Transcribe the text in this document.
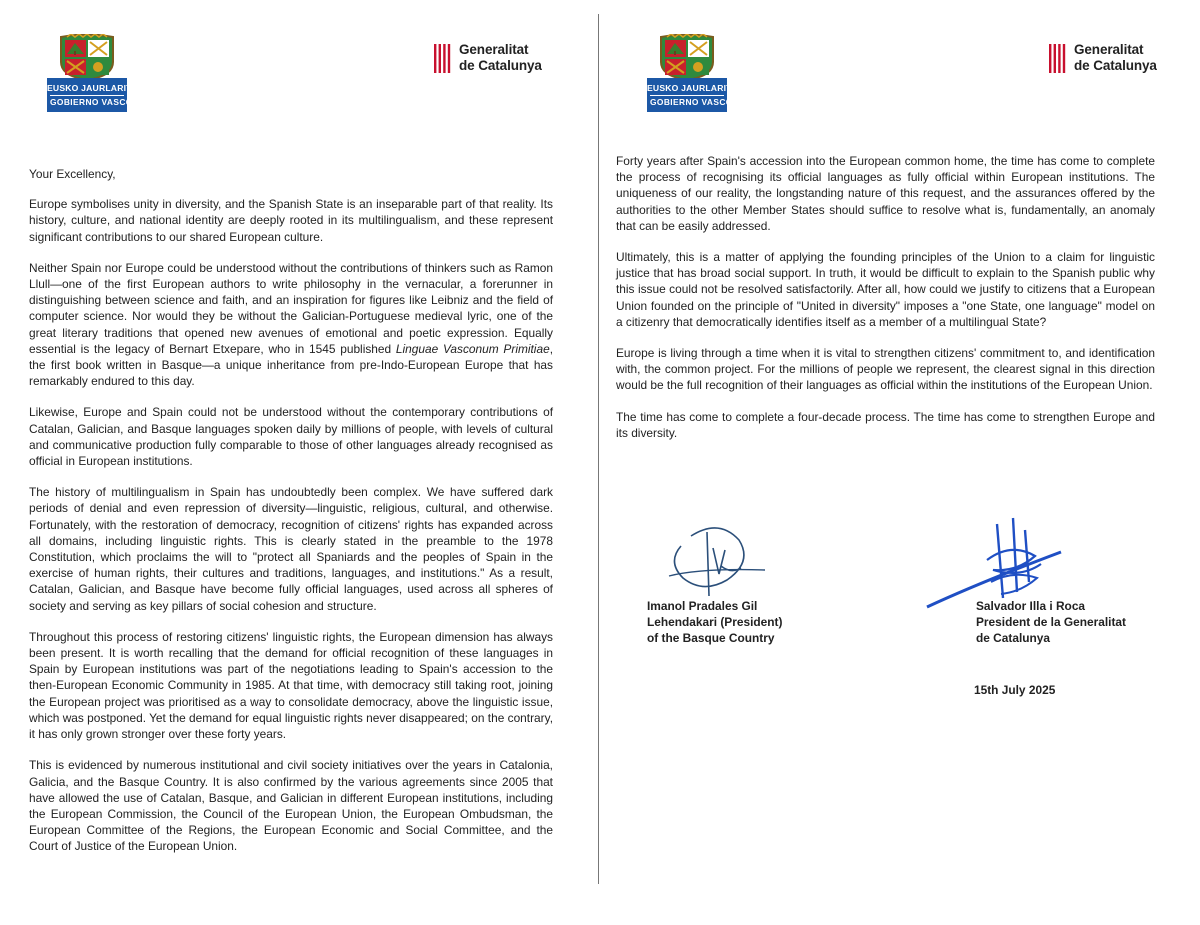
EUSKO JAURLARITZA
GOBIERNO VASCO
Generalitat
de Catalunya

Your Excellency,

Europe symbolises unity in diversity, and the Spanish State is an inseparable part of that reality. Its history, culture, and national identity are deeply rooted in its multilingualism, and these represent significant contributions to our shared European culture.

Neither Spain nor Europe could be understood without the contributions of thinkers such as Ramon Llull—one of the first European authors to write philosophy in the vernacular, a forerunner in distinguishing between science and faith, and an inspiration for figures like Leibniz and the field of computer science. Nor would they be without the Galician-Portuguese medieval lyric, one of the great literary traditions that opened new avenues of emotional and poetic expression. Equally essential is the legacy of Bernart Etxepare, who in 1545 published Linguae Vasconum Primitiae, the first book written in Basque—a unique inheritance from pre-Indo-European Europe that has remarkably endured to this day.

Likewise, Europe and Spain could not be understood without the contemporary contributions of Catalan, Galician, and Basque languages spoken daily by millions of people, with levels of cultural and communicative production fully comparable to those of other languages already recognised as official in European institutions.

The history of multilingualism in Spain has undoubtedly been complex. We have suffered dark periods of denial and even repression of diversity—linguistic, religious, cultural, and otherwise. Fortunately, with the restoration of democracy, recognition of citizens' rights has expanded across all domains, including linguistic rights. This is clearly stated in the preamble to the 1978 Constitution, which proclaims the will to "protect all Spaniards and the peoples of Spain in the exercise of human rights, their cultures and traditions, languages, and institutions." As a result, Catalan, Galician, and Basque have become fully official languages, used across all spheres of society and serving as key pillars of social cohesion and structure.

Throughout this process of restoring citizens' linguistic rights, the European dimension has always been present. It is worth recalling that the demand for official recognition of these languages in Spain by European institutions was part of the negotiations leading to Spain's accession to the then-European Economic Community in 1985. At that time, with democracy still taking root, joining the European project was prioritised as a way to consolidate democracy, above the linguistic issue, which was postponed. Yet the demand for equal linguistic rights never disappeared; on the contrary, it has only grown stronger over these forty years.

This is evidenced by numerous institutional and civil society initiatives over the years in Catalonia, Galicia, and the Basque Country. It is also confirmed by the various agreements since 2005 that have allowed the use of Catalan, Basque, and Galician in different European institutions, including the European Commission, the Council of the European Union, the European Ombudsman, the European Committee of the Regions, the European Economic and Social Committee, and the Court of Justice of the European Union.

EUSKO JAURLARITZA
GOBIERNO VASCO
Generalitat
de Catalunya

Forty years after Spain's accession into the European common home, the time has come to complete the process of recognising its official languages as fully official within European institutions. The uniqueness of our reality, the longstanding nature of this request, and the assurances offered by the authorities to the other Member States should suffice to resolve what is, fundamentally, an anomaly that can be easily addressed.

Ultimately, this is a matter of applying the founding principles of the Union to a claim for linguistic justice that has broad social support. In truth, it would be difficult to explain to the Spanish public why this issue could not be resolved satisfactorily. After all, how could we justify to citizens that a European Union founded on the principle of "United in diversity" imposes a "one State, one language" model on a citizenry that democratically identifies itself as a member of a multilingual State?

Europe is living through a time when it is vital to strengthen citizens' commitment to, and identification with, the common project. For the millions of people we represent, the clearest signal in this direction would be the full recognition of their languages as official within the institutions of the European Union.

The time has come to complete a four-decade process. The time has come to strengthen Europe and its diversity.

Imanol Pradales Gil
Lehendakari (President)
of the Basque Country
Salvador Illa i Roca
President de la Generalitat
de Catalunya
15th July 2025
